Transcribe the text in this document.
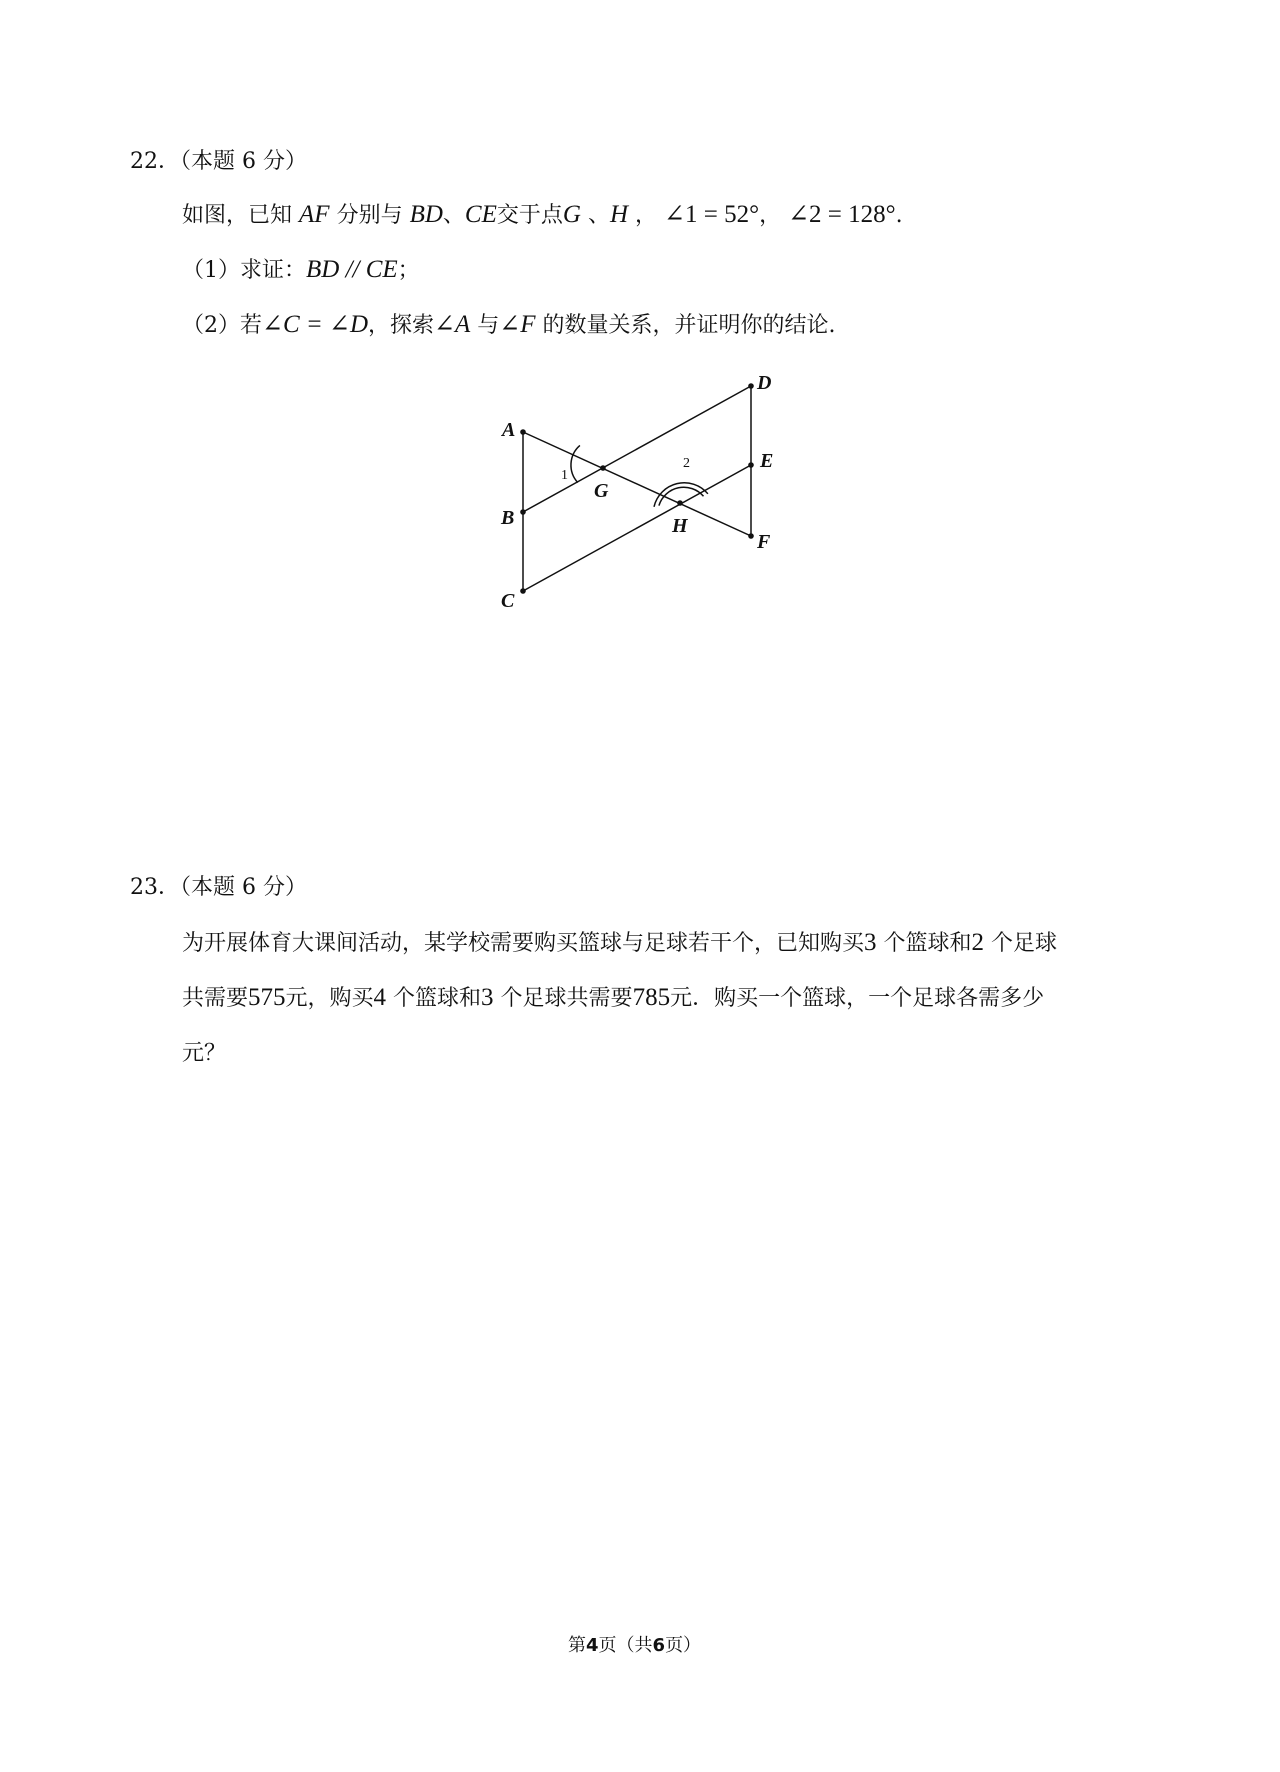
22．（本题 6 分）
如图，已知 AF 分别与 BD、CE交于点G 、H ， ∠1 = 52°， ∠2 = 128°.
（1）求证：BD // CE；
（2）若∠C = ∠D，探索∠A 与∠F 的数量关系，并证明你的结论.
A
B
C
D
E
F
G
H
1
2
23．（本题 6 分）
为开展体育大课间活动，某学校需要购买篮球与足球若干个，已知购买3 个篮球和2 个足球
共需要575元，购买4 个篮球和3 个足球共需要785元．购买一个篮球，一个足球各需多少
元？
第4页（共6页）
